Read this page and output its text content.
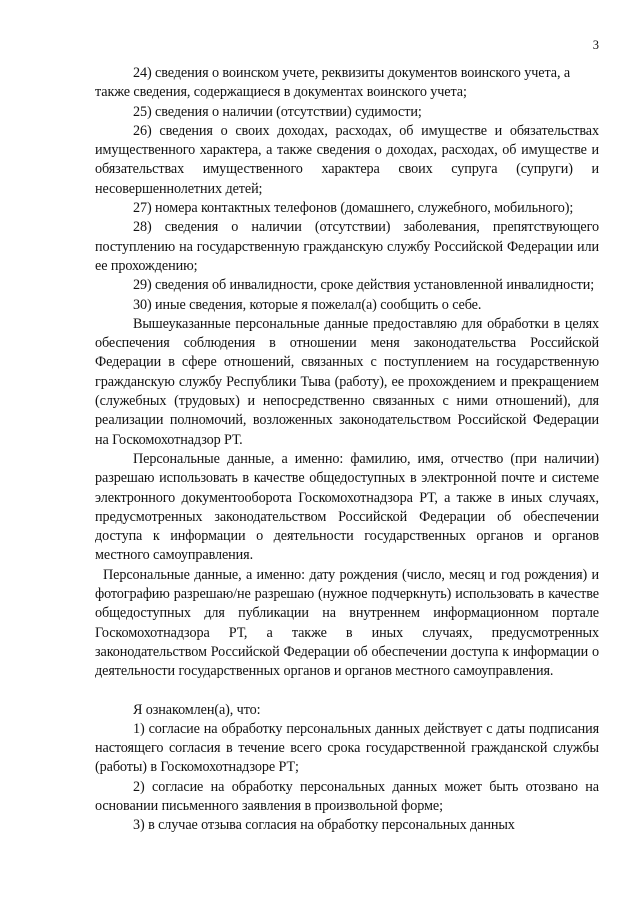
3

24) сведения о воинском учете, реквизиты документов воинского учета, а

также сведения, содержащиеся в документах воинского учета;

25) сведения о наличии (отсутствии) судимости;

26) сведения о своих доходах, расходах, об имуществе и обязательствах имущественного характера, а также сведения о доходах, расходах, об имуществе и обязательствах имущественного характера своих супруга (супруги) и несовершеннолетних детей;

27) номера контактных телефонов (домашнего, служебного, мобильного);

28) сведения о наличии (отсутствии) заболевания, препятствующего поступлению на государственную гражданскую службу Российской Федерации или ее прохождению;

29) сведения об инвалидности, сроке действия установленной инвалидности;

30) иные сведения, которые я пожелал(а) сообщить о себе.

Вышеуказанные персональные данные предоставляю для обработки в целях обеспечения соблюдения в отношении меня законодательства Российской Федерации в сфере отношений, связанных с поступлением на государственную гражданскую службу Республики Тыва (работу), ее прохождением и прекращением (служебных (трудовых) и непосредственно связанных с ними отношений), для реализации полномочий, возложенных законодательством Российской Федерации на Госкомохотнадзор РТ.

Персональные данные, а именно: фамилию, имя, отчество (при наличии) разрешаю использовать в качестве общедоступных в электронной почте и системе электронного документооборота Госкомохотнадзора РТ, а также в иных случаях, предусмотренных законодательством Российской Федерации об обеспечении доступа к информации о деятельности государственных органов и органов местного самоуправления.

Персональные данные, а именно: дату рождения (число, месяц и год рождения) и фотографию разрешаю/не разрешаю (нужное подчеркнуть) использовать в качестве общедоступных для публикации на внутреннем информационном портале Госкомохотнадзора РТ, а также в иных случаях, предусмотренных законодательством Российской Федерации об обеспечении доступа к информации о деятельности государственных органов и органов местного самоуправления.

Я ознакомлен(а), что:

1) согласие на обработку персональных данных действует с даты подписания настоящего согласия в течение всего срока государственной гражданской службы (работы) в Госкомохотнадзоре РТ;

2) согласие на обработку персональных данных может быть отозвано на основании письменного заявления в произвольной форме;

3) в случае отзыва согласия на обработку персональных данных
